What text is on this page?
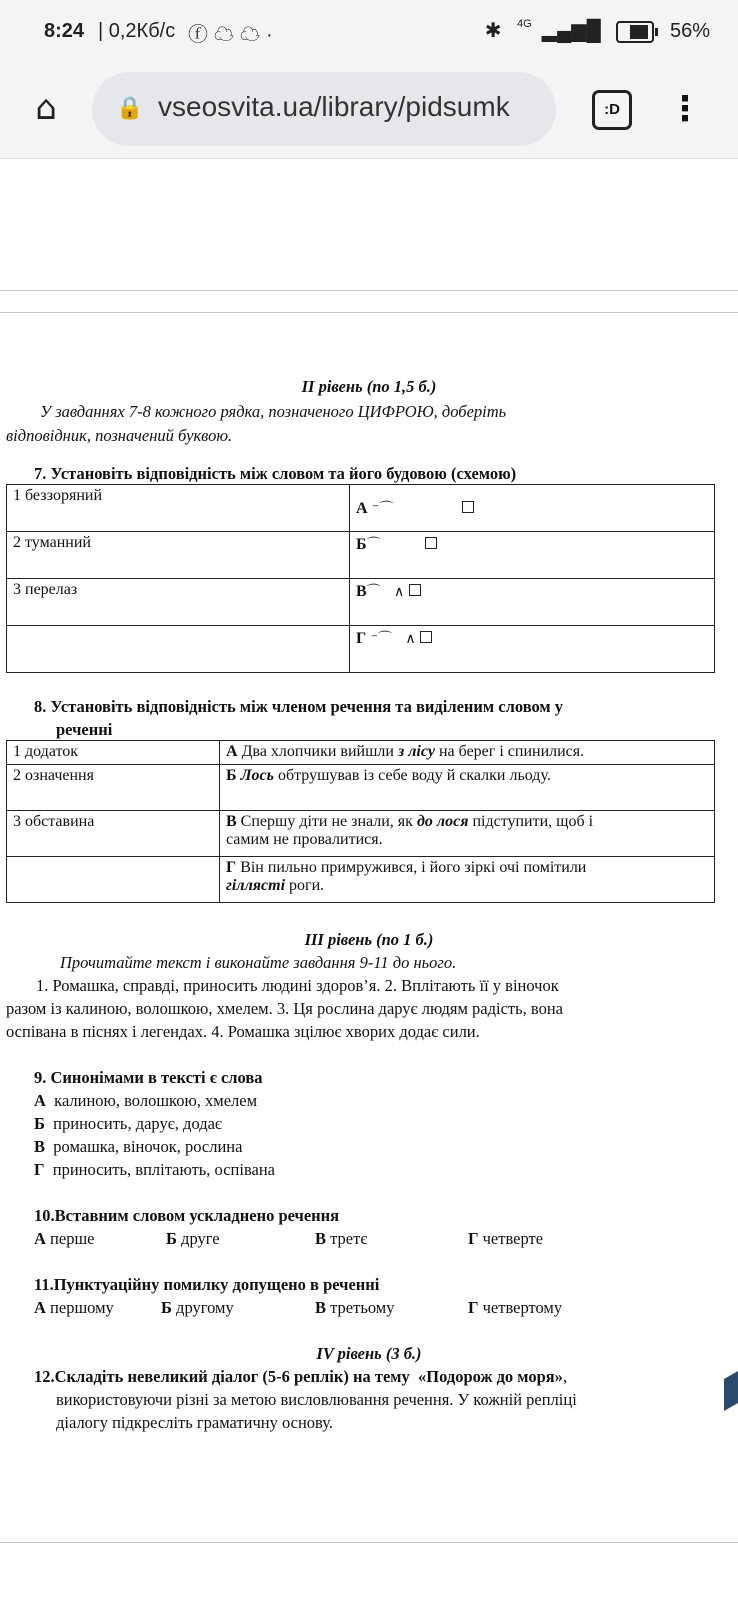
8:24 | 0,2Кб/с ⓕ☁☁·	✱ $^{4G}$ ▂▄▆█	56%
⌂	🔒 vseosvita.ua/library/pidsumk	:D	⋮
ІІ рівень (по 1,5 б.)
У завданнях 7-8 кожного рядка, позначеного ЦИФРОЮ, доберіть
відповідник, позначений буквою.
7. Установіть відповідність між словом та його будовою (схемою)
1 беззоряний	А ⁻⌒
2 туманний	Б⌒
3 перелаз	В⌒   ∧
	Г ⁻⌒   ∧
8. Установіть відповідність між членом речення та виділеним словом у
реченні
1 додаток	А Два хлопчики вийшли з лісу на берег і спинилися.
2 означення	Б Лось обтрушував із себе воду й скалки льоду.
3 обставина	В Спершу діти не знали, як до лося підступити, щоб і
самим не провалитися.
	Г Він пильно примружився, і його зіркі очі помітили
гіллясті роги.
ІІІ рівень (по 1 б.)
Прочитайте текст і виконайте завдання 9-11 до нього.
1. Ромашка, справді, приносить людині здоров’я. 2. Вплітають її у віночок
разом із калиною, волошкою, хмелем. 3. Ця рослина дарує людям радість, вона
оспівана в піснях і легендах. 4. Ромашка зцілює хворих додає сили.
9. Синонімами в тексті є слова
А калиною, волошкою, хмелем
Б приносить, дарує, додає
В ромашка, віночок, рослина
Г приносить, вплітають, оспівана
10.Вставним словом ускладнено речення
А перше	Б друге	В третє	Г четверте
11.Пунктуаційну помилку допущено в реченні
А першому	Б другому	В третьому	Г четвертому
ІV рівень (3 б.)
12.Складіть невеликий діалог (5-6 реплік) на тему «Подорож до моря»,
використовуючи різні за метою висловлювання речення. У кожній репліці
діалогу підкресліть граматичну основу.
